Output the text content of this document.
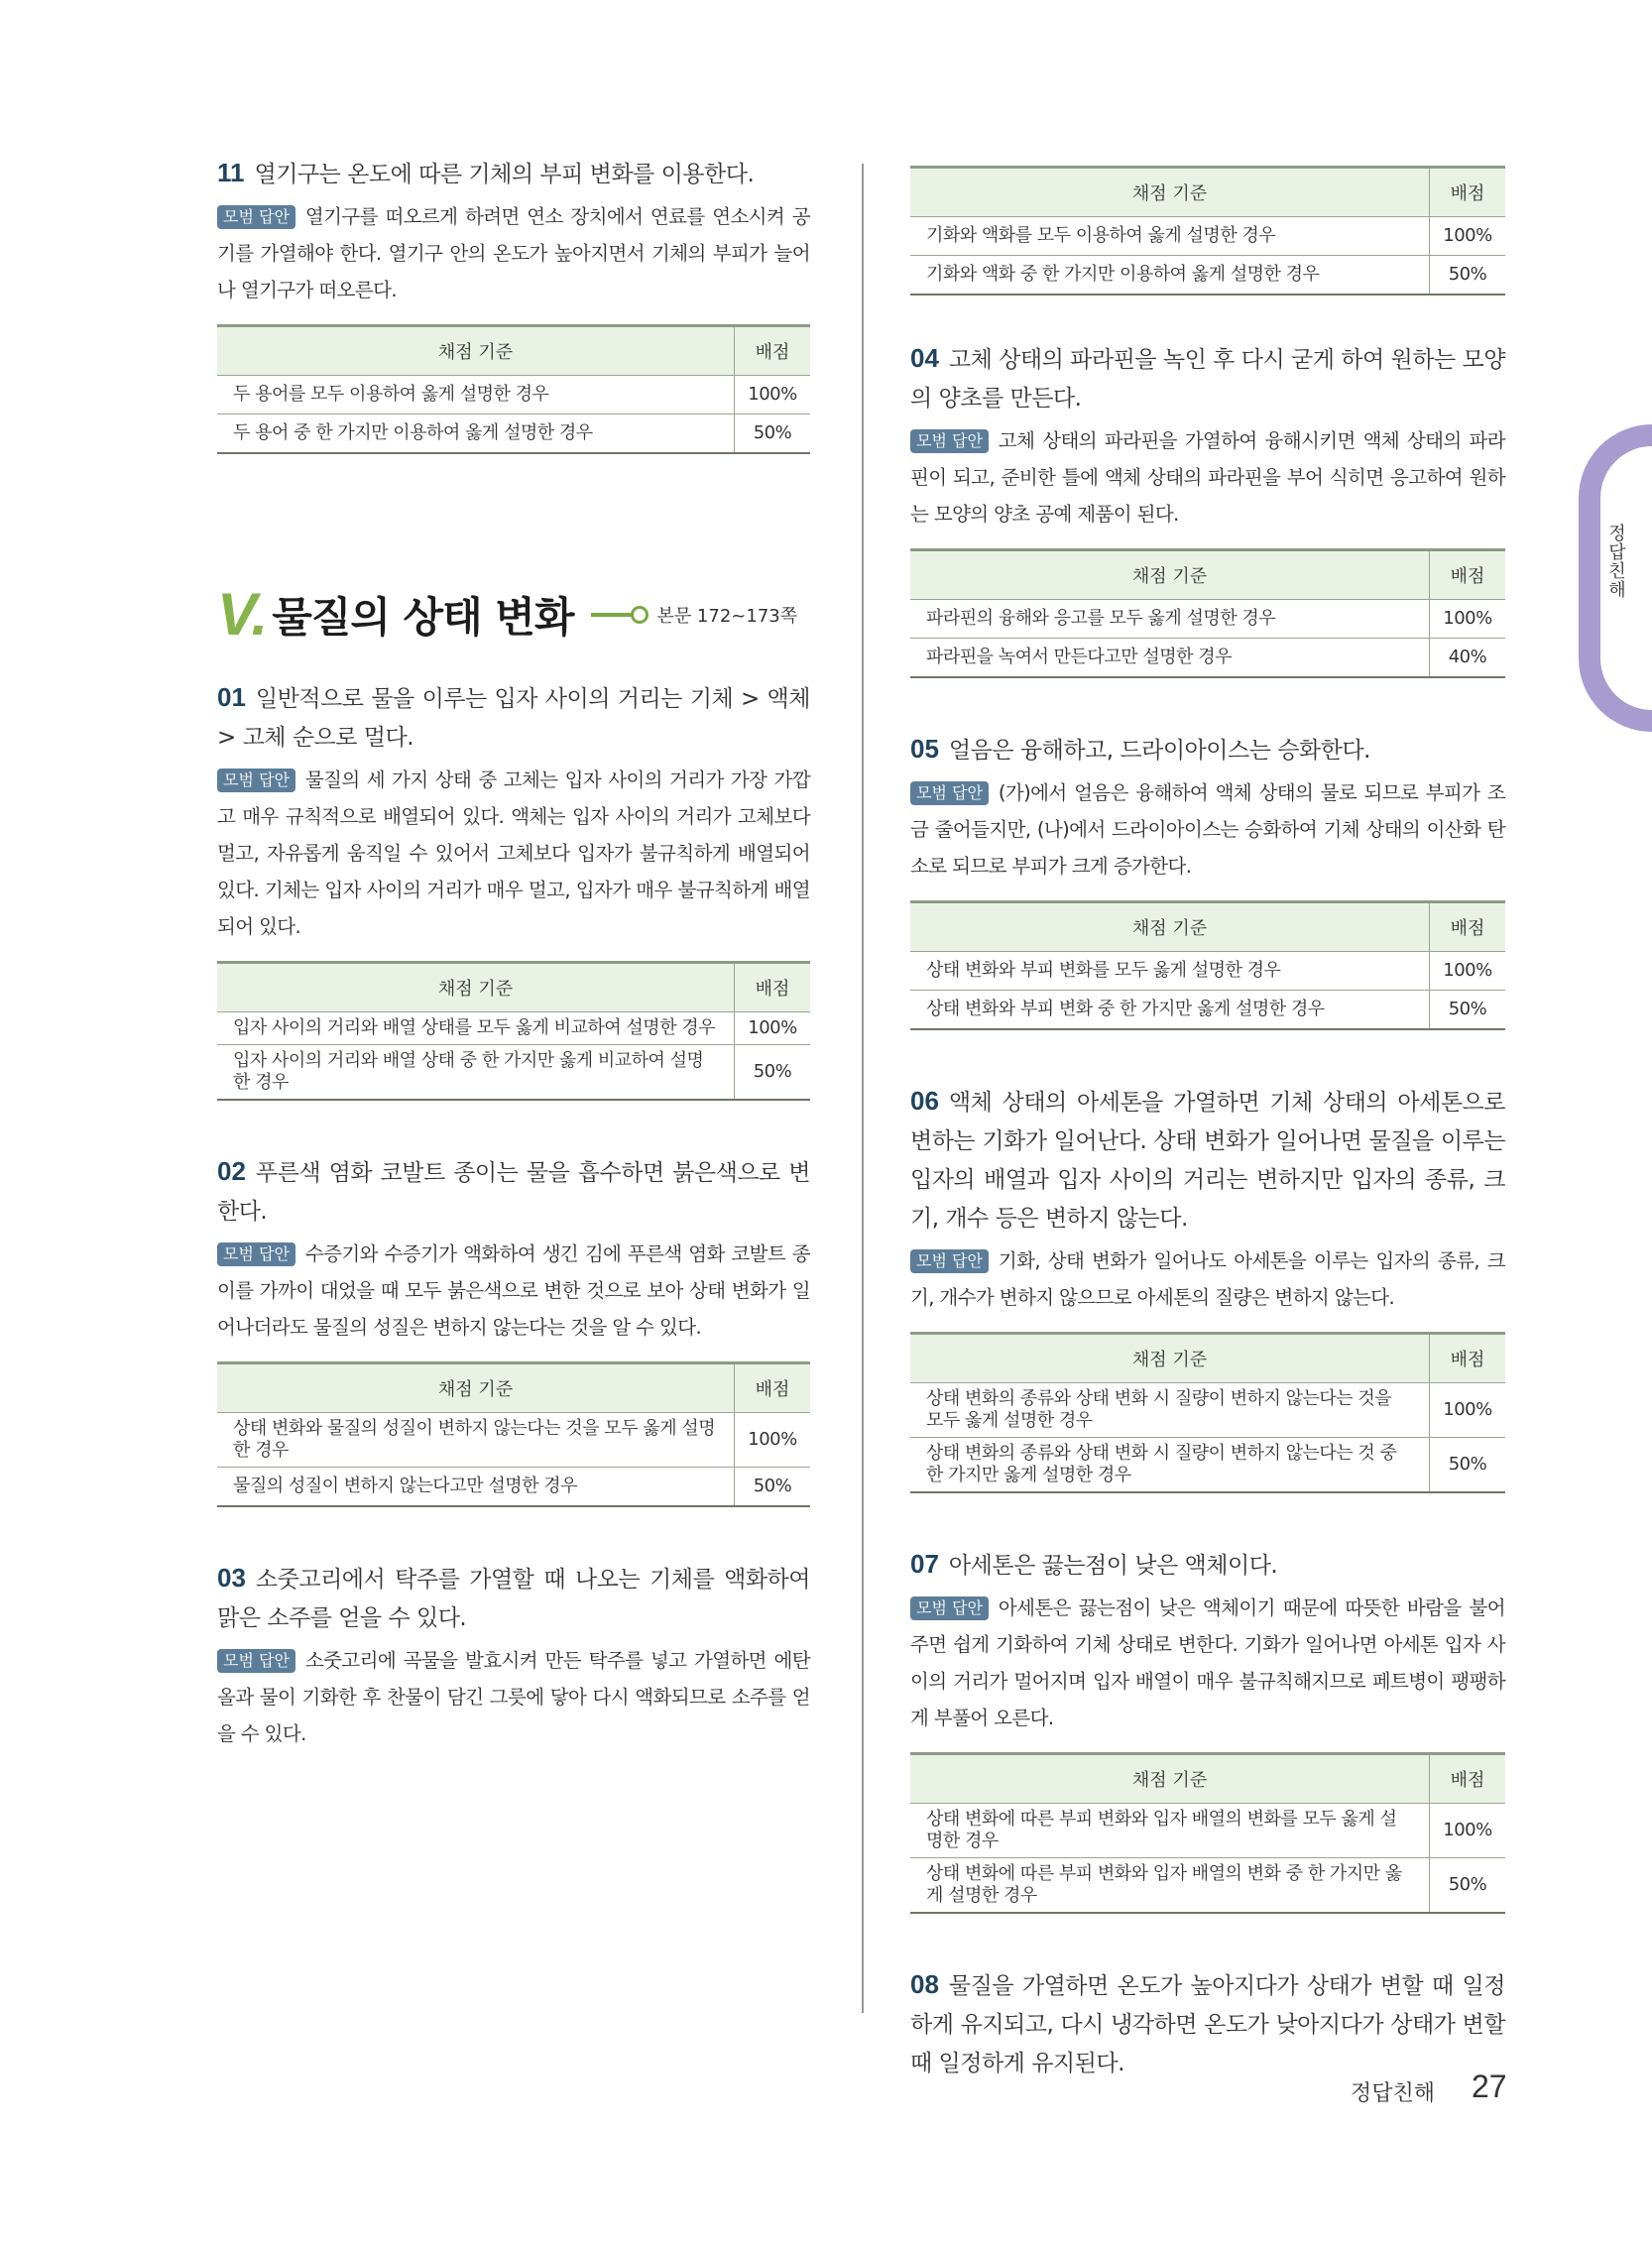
11 열기구는 온도에 따른 기체의 부피 변화를 이용한다.
모범 답안 열기구를 떠오르게 하려면 연소 장치에서 연료를 연소시켜 공기를 가열해야 한다. 열기구 안의 온도가 높아지면서 기체의 부피가 늘어나 열기구가 떠오른다.
채점 기준	배점
두 용어를 모두 이용하여 옳게 설명한 경우	100%
두 용어 중 한 가지만 이용하여 옳게 설명한 경우	50%
V. 물질의 상태 변화	본문 172~173쪽
01 일반적으로 물을 이루는 입자 사이의 거리는 기체 > 액체 > 고체 순으로 멀다.
모범 답안 물질의 세 가지 상태 중 고체는 입자 사이의 거리가 가장 가깝고 매우 규칙적으로 배열되어 있다. 액체는 입자 사이의 거리가 고체보다 멀고, 자유롭게 움직일 수 있어서 고체보다 입자가 불규칙하게 배열되어 있다. 기체는 입자 사이의 거리가 매우 멀고, 입자가 매우 불규칙하게 배열되어 있다.
채점 기준	배점
입자 사이의 거리와 배열 상태를 모두 옳게 비교하여 설명한 경우	100%
입자 사이의 거리와 배열 상태 중 한 가지만 옳게 비교하여 설명한 경우	50%
02 푸른색 염화 코발트 종이는 물을 흡수하면 붉은색으로 변한다.
모범 답안 수증기와 수증기가 액화하여 생긴 김에 푸른색 염화 코발트 종이를 가까이 대었을 때 모두 붉은색으로 변한 것으로 보아 상태 변화가 일어나더라도 물질의 성질은 변하지 않는다는 것을 알 수 있다.
채점 기준	배점
상태 변화와 물질의 성질이 변하지 않는다는 것을 모두 옳게 설명한 경우	100%
물질의 성질이 변하지 않는다고만 설명한 경우	50%
03 소줏고리에서 탁주를 가열할 때 나오는 기체를 액화하여 맑은 소주를 얻을 수 있다.
모범 답안 소줏고리에 곡물을 발효시켜 만든 탁주를 넣고 가열하면 에탄올과 물이 기화한 후 찬물이 담긴 그릇에 닿아 다시 액화되므로 소주를 얻을 수 있다.
채점 기준	배점
기화와 액화를 모두 이용하여 옳게 설명한 경우	100%
기화와 액화 중 한 가지만 이용하여 옳게 설명한 경우	50%
04 고체 상태의 파라핀을 녹인 후 다시 굳게 하여 원하는 모양의 양초를 만든다.
모범 답안 고체 상태의 파라핀을 가열하여 융해시키면 액체 상태의 파라핀이 되고, 준비한 틀에 액체 상태의 파라핀을 부어 식히면 응고하여 원하는 모양의 양초 공예 제품이 된다.
채점 기준	배점
파라핀의 융해와 응고를 모두 옳게 설명한 경우	100%
파라핀을 녹여서 만든다고만 설명한 경우	40%
05 얼음은 융해하고, 드라이아이스는 승화한다.
모범 답안 (가)에서 얼음은 융해하여 액체 상태의 물로 되므로 부피가 조금 줄어들지만, (나)에서 드라이아이스는 승화하여 기체 상태의 이산화 탄소로 되므로 부피가 크게 증가한다.
채점 기준	배점
상태 변화와 부피 변화를 모두 옳게 설명한 경우	100%
상태 변화와 부피 변화 중 한 가지만 옳게 설명한 경우	50%
06 액체 상태의 아세톤을 가열하면 기체 상태의 아세톤으로 변하는 기화가 일어난다. 상태 변화가 일어나면 물질을 이루는 입자의 배열과 입자 사이의 거리는 변하지만 입자의 종류, 크기, 개수 등은 변하지 않는다.
모범 답안 기화, 상태 변화가 일어나도 아세톤을 이루는 입자의 종류, 크기, 개수가 변하지 않으므로 아세톤의 질량은 변하지 않는다.
채점 기준	배점
상태 변화의 종류와 상태 변화 시 질량이 변하지 않는다는 것을 모두 옳게 설명한 경우	100%
상태 변화의 종류와 상태 변화 시 질량이 변하지 않는다는 것 중 한 가지만 옳게 설명한 경우	50%
07 아세톤은 끓는점이 낮은 액체이다.
모범 답안 아세톤은 끓는점이 낮은 액체이기 때문에 따뜻한 바람을 불어 주면 쉽게 기화하여 기체 상태로 변한다. 기화가 일어나면 아세톤 입자 사이의 거리가 멀어지며 입자 배열이 매우 불규칙해지므로 페트병이 팽팽하게 부풀어 오른다.
채점 기준	배점
상태 변화에 따른 부피 변화와 입자 배열의 변화를 모두 옳게 설명한 경우	100%
상태 변화에 따른 부피 변화와 입자 배열의 변화 중 한 가지만 옳게 설명한 경우	50%
08 물질을 가열하면 온도가 높아지다가 상태가 변할 때 일정하게 유지되고, 다시 냉각하면 온도가 낮아지다가 상태가 변할 때 일정하게 유지된다.
정답친해
정답친해 27
